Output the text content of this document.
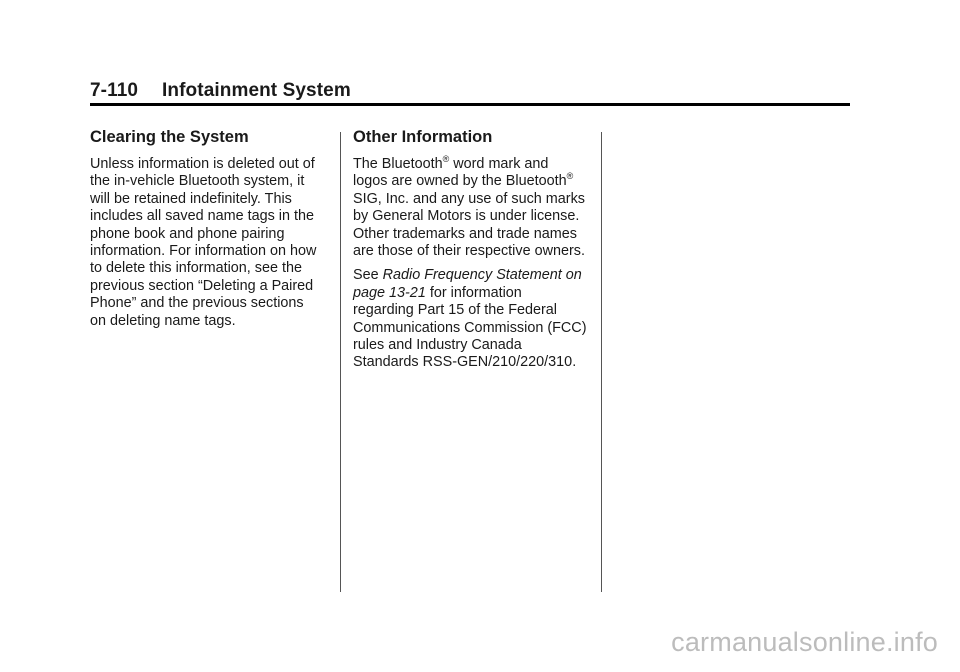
7-110 Infotainment System
Clearing the System

Unless information is deleted out of
the in-vehicle Bluetooth system, it
will be retained indefinitely. This
includes all saved name tags in the
phone book and phone pairing
information. For information on how
to delete this information, see the
previous section “Deleting a Paired
Phone” and the previous sections
on deleting name tags.

Other Information

The Bluetooth® word mark and
logos are owned by the Bluetooth®
SIG, Inc. and any use of such marks
by General Motors is under license.
Other trademarks and trade names
are those of their respective owners.

See Radio Frequency Statement on
page 13-21 for information
regarding Part 15 of the Federal
Communications Commission (FCC)
rules and Industry Canada
Standards RSS-GEN/210/220/310.

carmanualsonline.info
